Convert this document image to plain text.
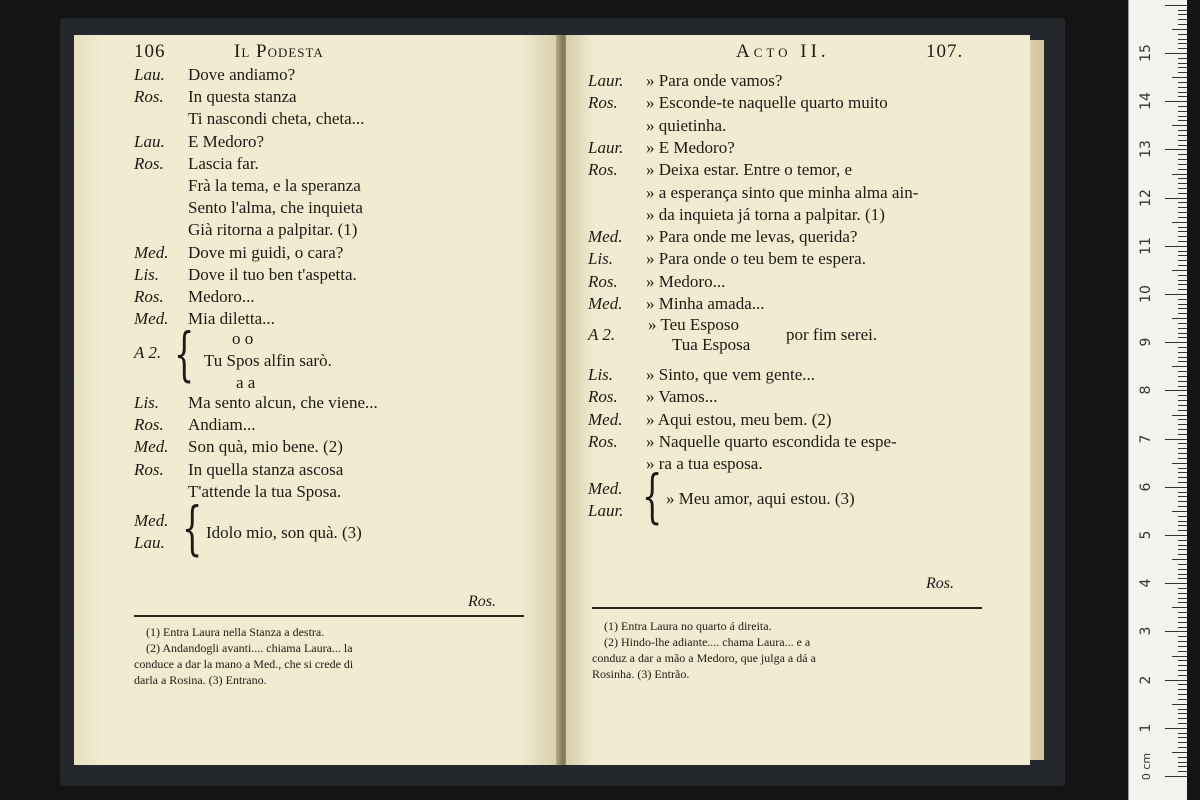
106	Il Podesta
Lau. Dove andiamo?
Ros. In questa stanza
Ti nascondi cheta, cheta...
Lau. E Medoro?
Ros. Lascia far.
Frà la tema, e la speranza
Sento l'alma, che inquieta
Già ritorna a palpitar. (1)
Med. Dove mi guidi, o cara?
Lis. Dove il tuo ben t'aspetta.
Ros. Medoro...
Med. Mia diletta...
A 2. { o o
Tu Spos alfin sarò.
a a
Lis. Ma sento alcun, che viene...
Ros. Andiam...
Med. Son quà, mio bene. (2)
Ros. In quella stanza ascosa
T'attende la tua Sposa.
Med.
Lau. { Idolo mio, son quà. (3)
Ros.
(1) Entra Laura nella Stanza a destra.
(2) Andandogli avanti.... chiama Laura... la
conduce a dar la mano a Med., che si crede di
darla a Rosina. (3) Entrano.
Acto II.	107.
Laur. » Para onde vamos?
Ros. » Esconde-te naquelle quarto muito
» quietinha.
Laur. » E Medoro?
Ros. » Deixa estar. Entre o temor, e
» a esperança sinto que minha alma ain-
» da inquieta já torna a palpitar. (1)
Med. » Para onde me levas, querida?
Lis. » Para onde o teu bem te espera.
Ros. » Medoro...
Med. » Minha amada...
A 2.
» Teu Esposo
Tua Esposa
por fim serei.
Lis. » Sinto, que vem gente...
Ros. » Vamos...
Med. » Aqui estou, meu bem. (2)
Ros. » Naquelle quarto escondida te espe-
» ra a tua esposa.
Med.
Laur. { » Meu amor, aqui estou. (3)
Ros.
(1) Entra Laura no quarto á direita.
(2) Hindo-lhe adiante.... chama Laura... e a
conduz a dar a mão a Medoro, que julga a dá a
Rosinha. (3) Entrão.
15
14
13
12
11
10
9
8
7
6
5
4
3
2
1
0 cm
